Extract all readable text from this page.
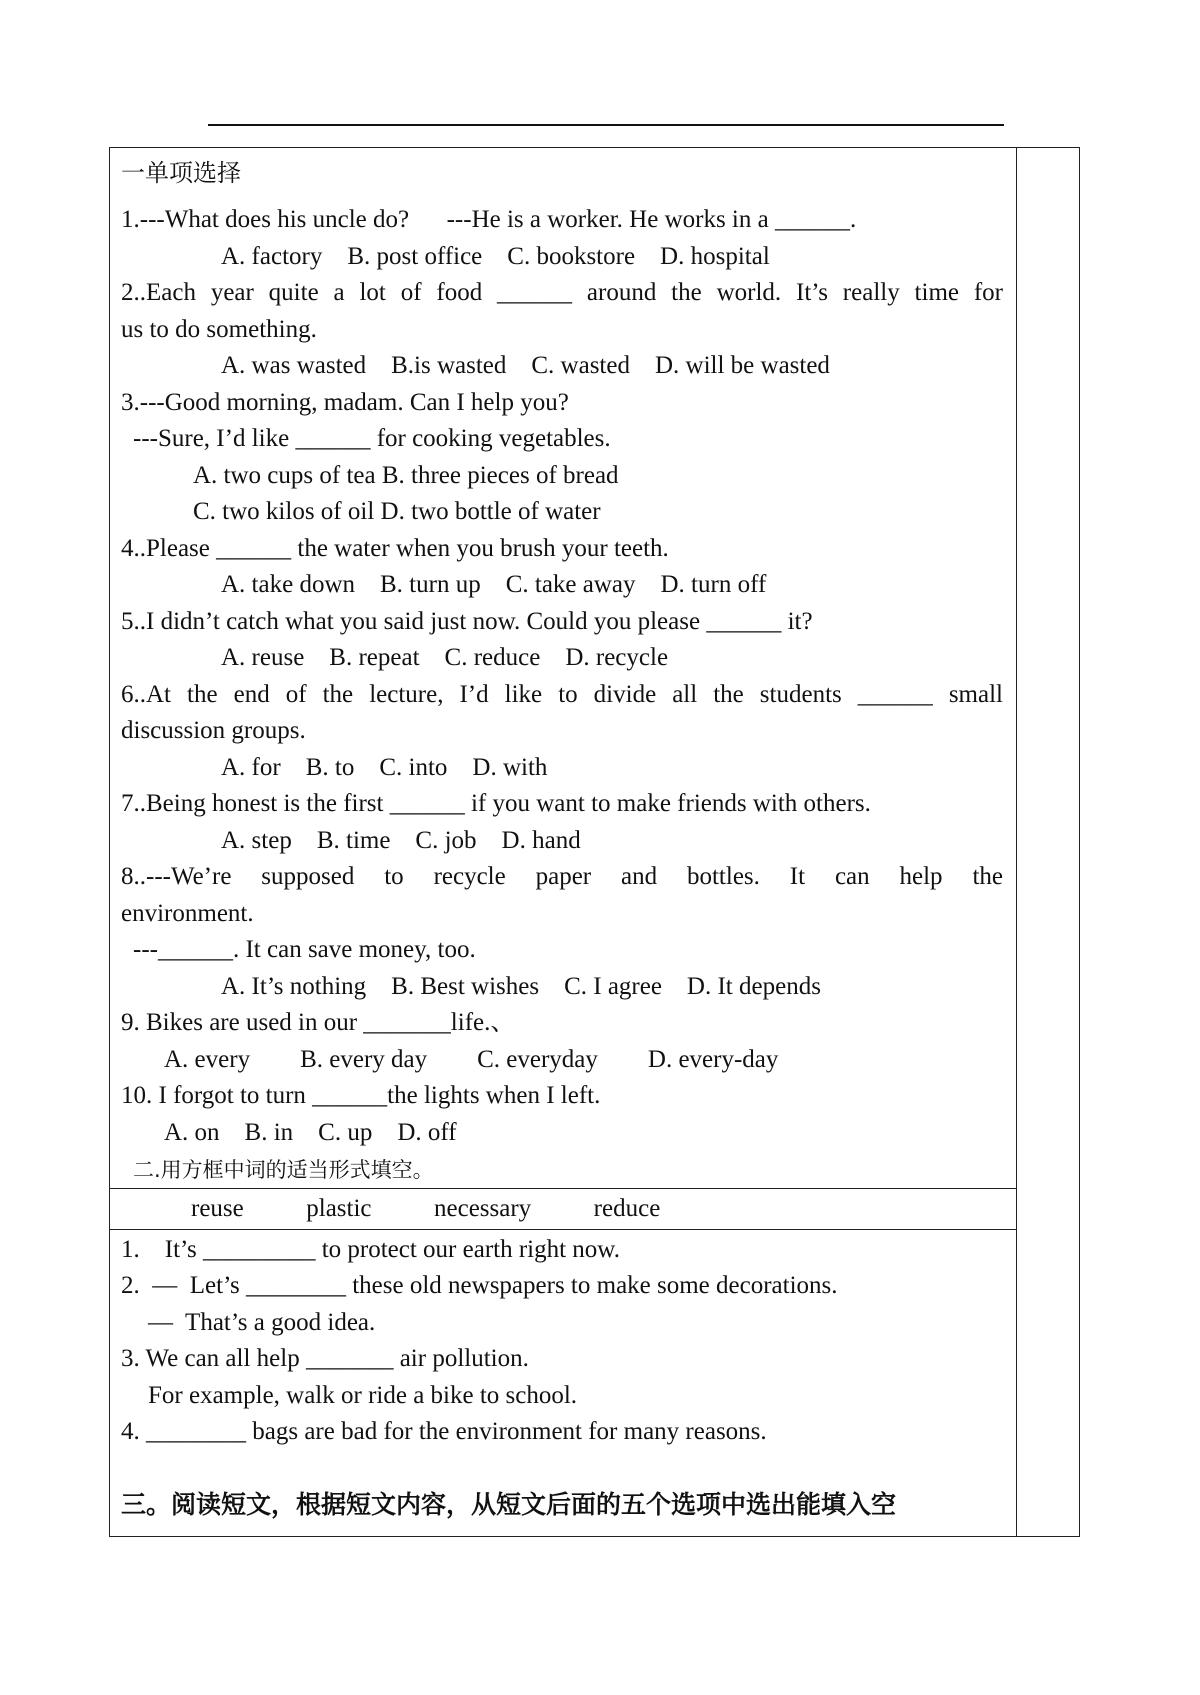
一单项选择
1.---What does his uncle do?      ---He is a worker. He works in a ______.
A. factory    B. post office    C. bookstore    D. hospital
2..Each year quite a lot of food ______ around the world. It’s really time for
us to do something.
A. was wasted    B.is wasted    C. wasted    D. will be wasted
3.---Good morning, madam. Can I help you?
---Sure, I’d like ______ for cooking vegetables.
A. two cups of tea B. three pieces of bread
C. two kilos of oil D. two bottle of water
4..Please ______ the water when you brush your teeth.
A. take down    B. turn up    C. take away    D. turn off
5..I didn’t catch what you said just now. Could you please ______ it?
A. reuse    B. repeat    C. reduce    D. recycle
6..At the end of the lecture, I’d like to divide all the students ______ small
discussion groups.
A. for    B. to    C. into    D. with
7..Being honest is the first ______ if you want to make friends with others.
A. step    B. time    C. job    D. hand
8..---We’re supposed to recycle paper and bottles. It can help the
environment.
---______. It can save money, too.
A. It’s nothing    B. Best wishes    C. I agree    D. It depends
9. Bikes are used in our _______life.、
A. every        B. every day        C. everyday        D. every-day
10. I forgot to turn ______the lights when I left.
A. on    B. in    C. up    D. off
二.用方框中词的适当形式填空。
reuse          plastic          necessary          reduce
1.    It’s _________ to protect our earth right now.
2.  —  Let’s ________ these old newspapers to make some decorations.
—  That’s a good idea.
3. We can all help _______ air pollution.
For example, walk or ride a bike to school.
4. ________ bags are bad for the environment for many reasons.
三。阅读短文，根据短文内容，从短文后面的五个选项中选出能填入空
